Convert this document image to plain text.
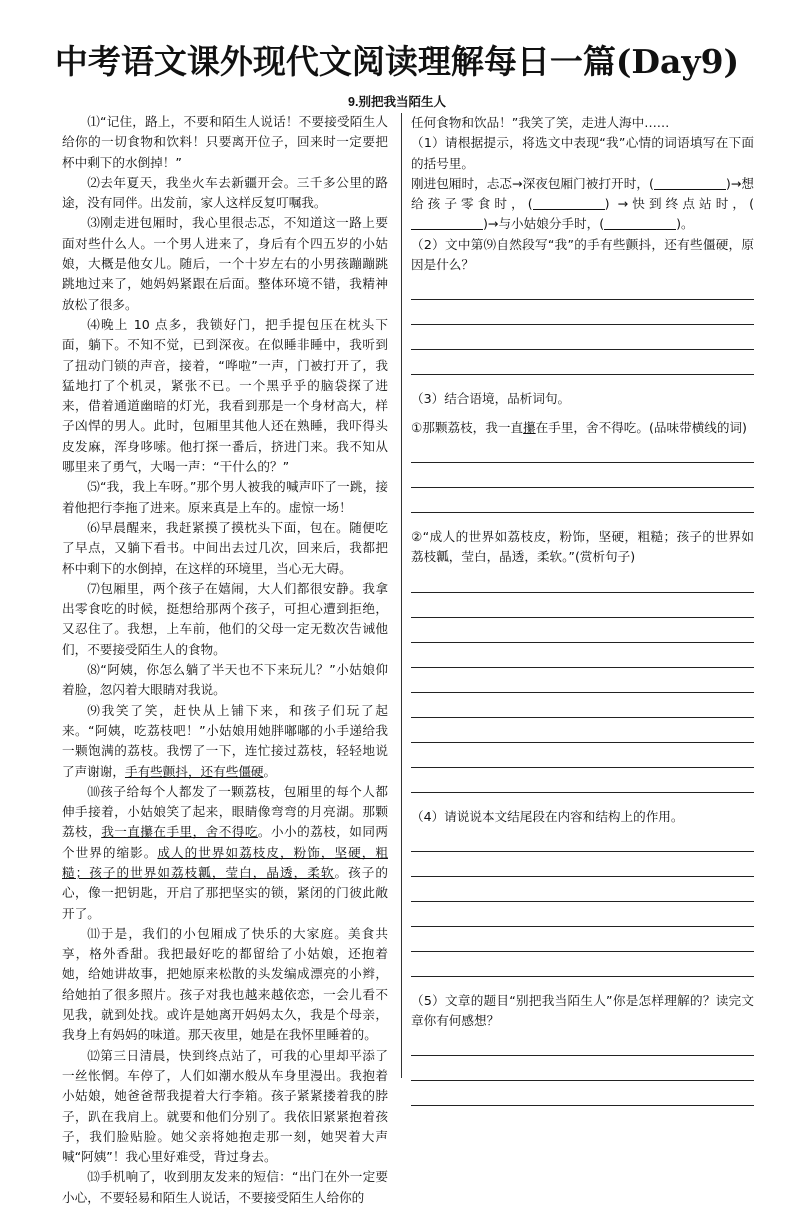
中考语文课外现代文阅读理解每日一篇(Day9)
9.别把我当陌生人

⑴“记住，路上，不要和陌生人说话！不要接受陌生人给你的一切食物和饮料！只要离开位子，回来时一定要把杯中剩下的水倒掉！”

⑵去年夏天，我坐火车去新疆开会。三千多公里的路途，没有同伴。出发前，家人这样反复叮嘱我。

⑶刚走进包厢时，我心里很忐忑，不知道这一路上要面对些什么人。一个男人进来了，身后有个四五岁的小姑娘，大概是他女儿。随后，一个十岁左右的小男孩蹦蹦跳跳地过来了，她妈妈紧跟在后面。整体环境不错，我精神放松了很多。

⑷晚上 10 点多，我锁好门，把手提包压在枕头下面，躺下。不知不觉，已到深夜。在似睡非睡中，我听到了扭动门锁的声音，接着，“哗啦”一声，门被打开了，我猛地打了个机灵，紧张不已。一个黑乎乎的脑袋探了进来，借着通道幽暗的灯光，我看到那是一个身材高大，样子凶悍的男人。此时，包厢里其他人还在熟睡，我吓得头皮发麻，浑身哆嗦。他打探一番后，挤进门来。我不知从哪里来了勇气，大喝一声：“干什么的？”

⑸“我，我上车呀。”那个男人被我的喊声吓了一跳，接着他把行李拖了进来。原来真是上车的。虚惊一场！

⑹早晨醒来，我赶紧摸了摸枕头下面，包在。随便吃了早点，又躺下看书。中间出去过几次，回来后，我都把杯中剩下的水倒掉，在这样的环境里，当心无大碍。

⑺包厢里，两个孩子在嬉闹，大人们都很安静。我拿出零食吃的时候，挺想给那两个孩子，可担心遭到拒绝，又忍住了。我想，上车前，他们的父母一定无数次告诫他们，不要接受陌生人的食物。

⑻“阿姨，你怎么躺了半天也不下来玩儿？”小姑娘仰着脸，忽闪着大眼睛对我说。

⑼我笑了笑，赶快从上铺下来，和孩子们玩了起来。“阿姨，吃荔枝吧！”小姑娘用她胖嘟嘟的小手递给我一颗饱满的荔枝。我愣了一下，连忙接过荔枝，轻轻地说了声谢谢，手有些颤抖，还有些僵硬。

⑽孩子给每个人都发了一颗荔枝，包厢里的每个人都伸手接着，小姑娘笑了起来，眼睛像弯弯的月亮湖。那颗荔枝，我一直攥在手里，舍不得吃。小小的荔枝，如同两个世界的缩影。成人的世界如荔枝皮，粉饰，坚硬，粗糙；孩子的世界如荔枝瓤，莹白，晶透，柔软。孩子的心，像一把钥匙，开启了那把坚实的锁，紧闭的门彼此敞开了。

⑾于是，我们的小包厢成了快乐的大家庭。美食共享，格外香甜。我把最好吃的都留给了小姑娘，还抱着她，给她讲故事，把她原来松散的头发编成漂亮的小辫，给她拍了很多照片。孩子对我也越来越依恋，一会儿看不见我，就到处找。或许是她离开妈妈太久，我是个母亲，我身上有妈妈的味道。那天夜里，她是在我怀里睡着的。

⑿第三日清晨，快到终点站了，可我的心里却平添了一丝怅惘。车停了，人们如潮水般从车身里漫出。我抱着小姑娘，她爸爸帮我提着大行李箱。孩子紧紧搂着我的脖子，趴在我肩上。就要和他们分别了。我依旧紧紧抱着孩子，我们脸贴脸。她父亲将她抱走那一刻，她哭着大声喊“阿姨”！我心里好难受，背过身去。

⒀手机响了，收到朋友发来的短信：“出门在外一定要小心，不要轻易和陌生人说话，不要接受陌生人给你的

任何食物和饮品！”我笑了笑，走进人海中……

（1）请根据提示，将选文中表现“我”心情的词语填写在下面的括号里。

刚进包厢时，忐忑→深夜包厢门被打开时，(	)→想给孩子零食时，(	) →快到终点站时，()→与小姑娘分手时，(	)。

（2）文中第⑼自然段写“我”的手有些颤抖，还有些僵硬，原因是什么？

（3）结合语境，品析词句。

①那颗荔枝，我一直攥在手里，舍不得吃。(品味带横线的词)

②“成人的世界如荔枝皮，粉饰，坚硬，粗糙；孩子的世界如荔枝瓤，莹白，晶透，柔软。”(赏析句子)

（4）请说说本文结尾段在内容和结构上的作用。

（5）文章的题目“别把我当陌生人”你是怎样理解的？读完文章你有何感想？
